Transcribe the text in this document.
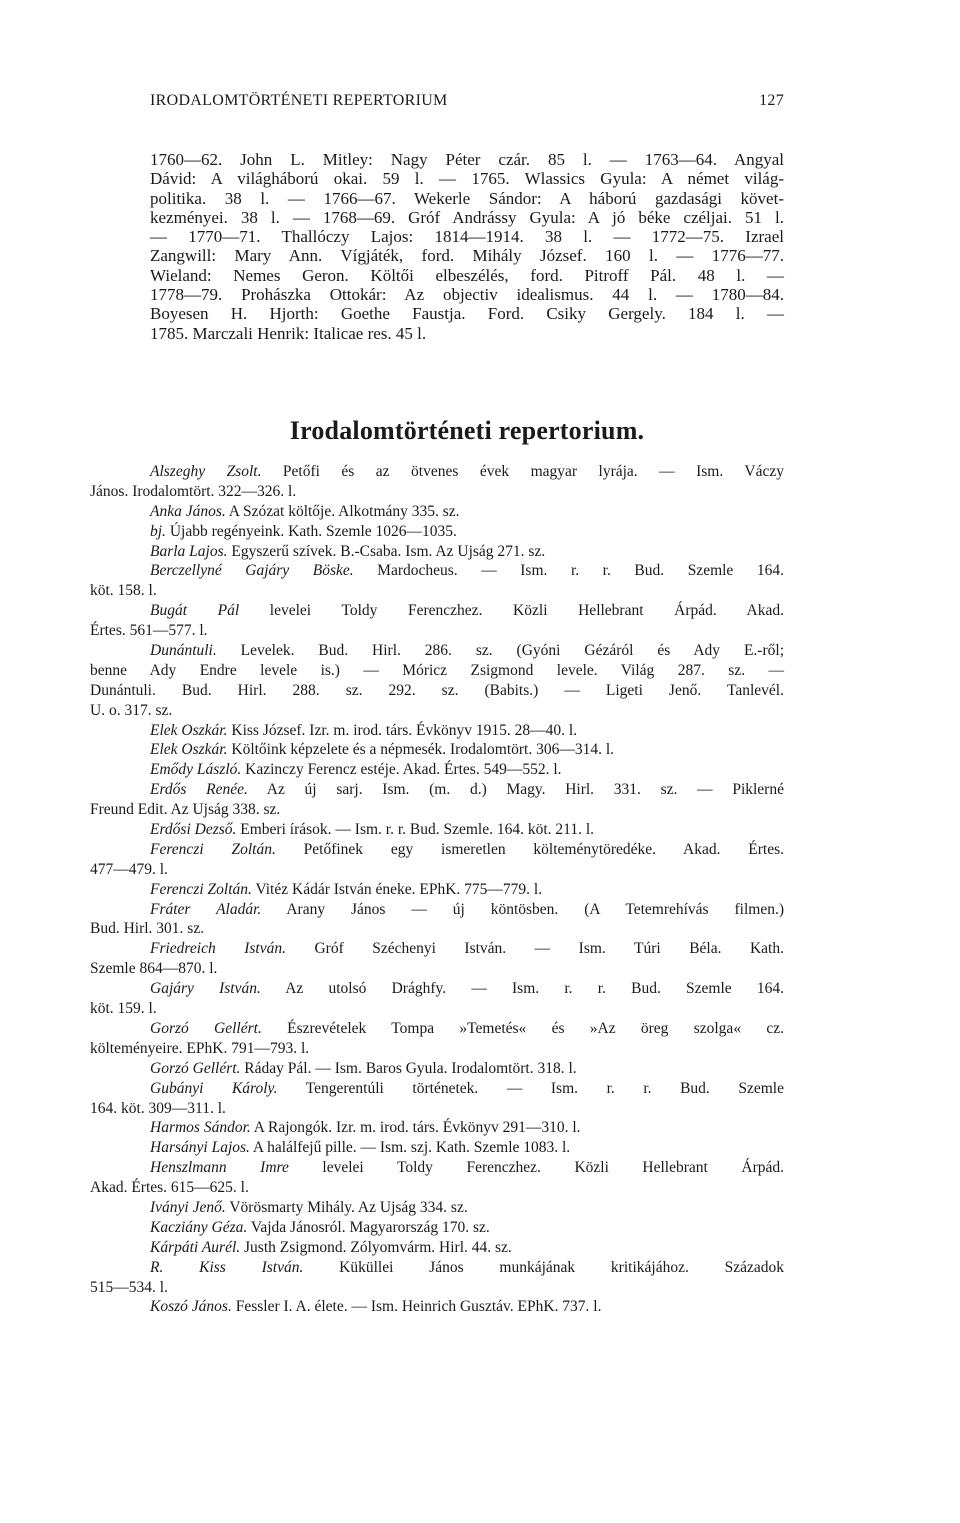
IRODALOMTÖRTÉNETI REPERTORIUM	127
1760—62. John L. Mitley: Nagy Péter czár. 85 l. — 1763—64. Angyal
Dávid: A világháború okai. 59 l. — 1765. Wlassics Gyula: A német világ-
politika. 38 l. — 1766—67. Wekerle Sándor: A háború gazdasági követ-
kezményei. 38 l. — 1768—69. Gróf Andrássy Gyula: A jó béke czéljai. 51 l.
— 1770—71. Thallóczy Lajos: 1814—1914. 38 l. — 1772—75. Izrael
Zangwill: Mary Ann. Vígjáték, ford. Mihály József. 160 l. — 1776—77.
Wieland: Nemes Geron. Költői elbeszélés, ford. Pitroff Pál. 48 l. —
1778—79. Prohászka Ottokár: Az objectiv idealismus. 44 l. — 1780—84.
Boyesen H. Hjorth: Goethe Faustja. Ford. Csiky Gergely. 184 l. —
1785. Marczali Henrik: Italicae res. 45 l.
Irodalomtörténeti repertorium.
Alszeghy Zsolt. Petőfi és az ötvenes évek magyar lyrája. — Ism. Váczy
János. Irodalomtört. 322—326. l.
Anka János. A Szózat költője. Alkotmány 335. sz.
bj. Újabb regényeink. Kath. Szemle 1026—1035.
Barla Lajos. Egyszerű szívek. B.-Csaba. Ism. Az Ujság 271. sz.
Berczellyné Gajáry Böske. Mardocheus. — Ism. r. r. Bud. Szemle 164.
köt. 158. l.
Bugát Pál levelei Toldy Ferenczhez. Közli Hellebrant Árpád. Akad.
Értes. 561—577. l.
Dunántuli. Levelek. Bud. Hirl. 286. sz. (Gyóni Gézáról és Ady E.-ről;
benne Ady Endre levele is.) — Móricz Zsigmond levele. Világ 287. sz. —
Dunántuli. Bud. Hirl. 288. sz. 292. sz. (Babits.) — Ligeti Jenő. Tanlevél.
U. o. 317. sz.
Elek Oszkár. Kiss József. Izr. m. irod. társ. Évkönyv 1915. 28—40. l.
Elek Oszkár. Költőink képzelete és a népmesék. Irodalomtört. 306—314. l.
Emődy László. Kazinczy Ferencz estéje. Akad. Értes. 549—552. l.
Erdős Renée. Az új sarj. Ism. (m. d.) Magy. Hirl. 331. sz. — Piklerné
Freund Edit. Az Ujság 338. sz.
Erdősi Dezső. Emberi írások. — Ism. r. r. Bud. Szemle. 164. köt. 211. l.
Ferenczi Zoltán. Petőfinek egy ismeretlen költeménytöredéke. Akad. Értes.
477—479. l.
Ferenczi Zoltán. Vitéz Kádár István éneke. EPhK. 775—779. l.
Fráter Aladár. Arany János — új köntösben. (A Tetemrehívás filmen.)
Bud. Hirl. 301. sz.
Friedreich István. Gróf Széchenyi István. — Ism. Túri Béla. Kath.
Szemle 864—870. l.
Gajáry István. Az utolsó Drághfy. — Ism. r. r. Bud. Szemle 164.
köt. 159. l.
Gorzó Gellért. Észrevételek Tompa »Temetés« és »Az öreg szolga« cz.
költeményeire. EPhK. 791—793. l.
Gorzó Gellért. Ráday Pál. — Ism. Baros Gyula. Irodalomtört. 318. l.
Gubányi Károly. Tengerentúli történetek. — Ism. r. r. Bud. Szemle
164. köt. 309—311. l.
Harmos Sándor. A Rajongók. Izr. m. irod. társ. Évkönyv 291—310. l.
Harsányi Lajos. A halálfejű pille. — Ism. szj. Kath. Szemle 1083. l.
Henszlmann Imre levelei Toldy Ferenczhez. Közli Hellebrant Árpád.
Akad. Értes. 615—625. l.
Iványi Jenő. Vörösmarty Mihály. Az Ujság 334. sz.
Kacziány Géza. Vajda Jánosról. Magyarország 170. sz.
Kárpáti Aurél. Justh Zsigmond. Zólyomvárm. Hirl. 44. sz.
R. Kiss István. Küküllei János munkájának kritikájához. Századok
515—534. l.
Koszó János. Fessler I. A. élete. — Ism. Heinrich Gusztáv. EPhK. 737. l.
